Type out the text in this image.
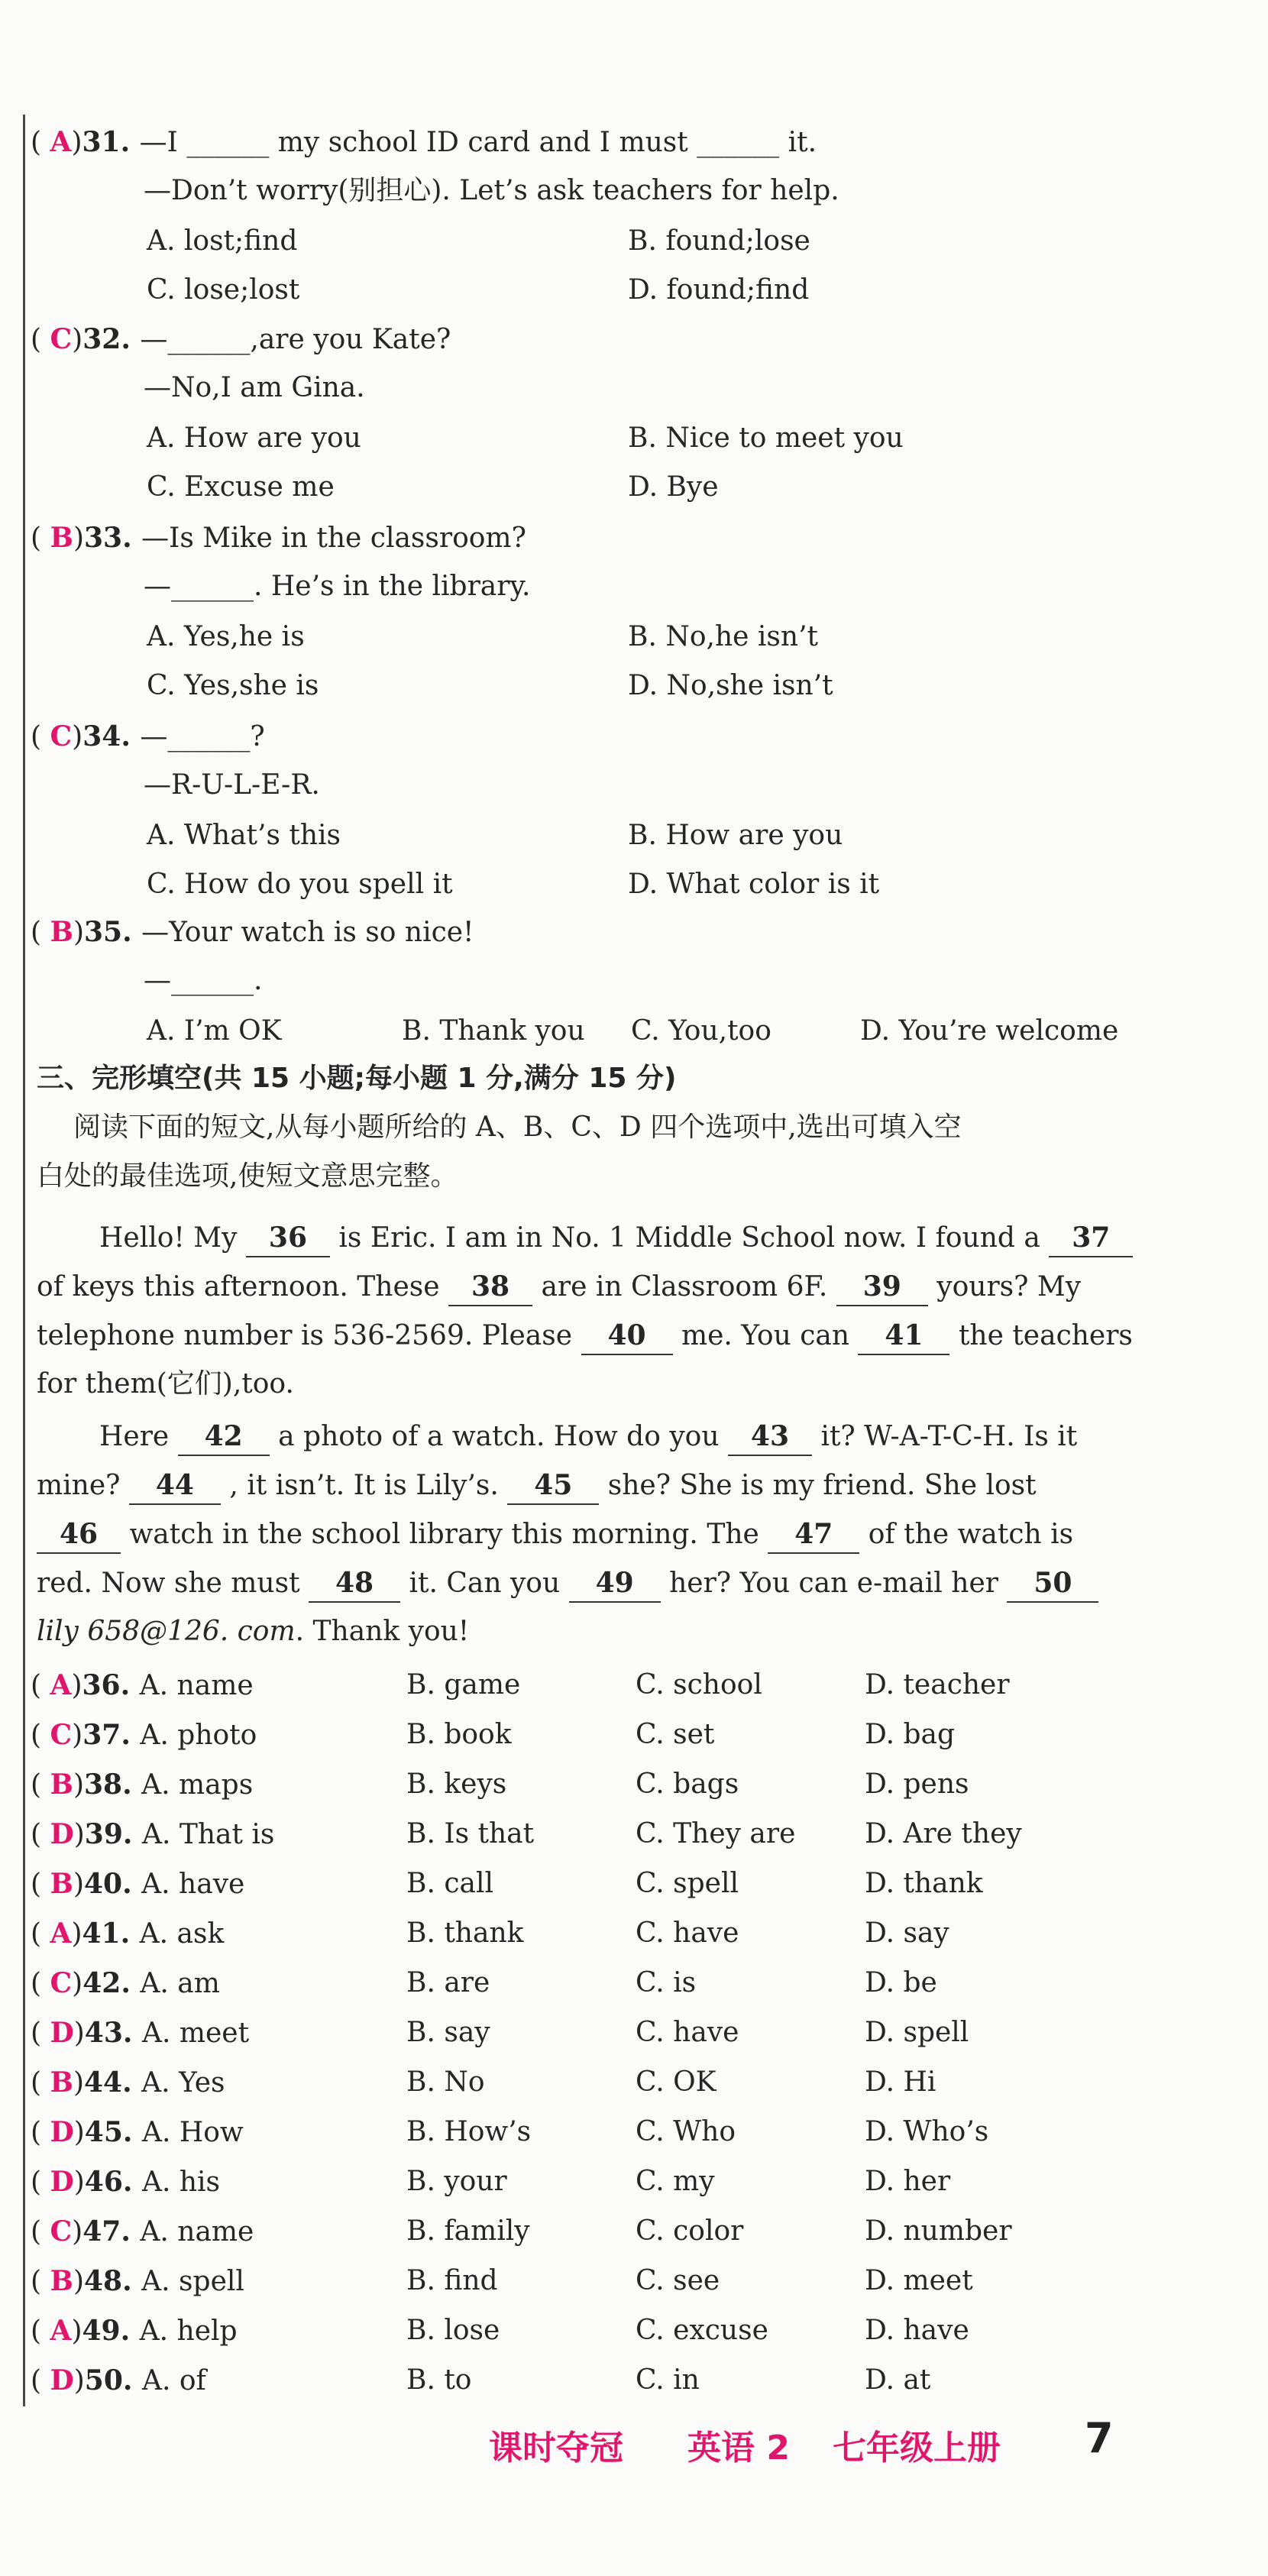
( A)31. —I ______ my school ID card and I must ______ it.
—Don’t worry(别担心). Let’s ask teachers for help.
A. lost;find	B. found;lose
C. lose;lost	D. found;find
( C)32. —______,are you Kate?
—No,I am Gina.
A. How are you	B. Nice to meet you
C. Excuse me	D. Bye
( B)33. —Is Mike in the classroom?
—______. He’s in the library.
A. Yes,he is	B. No,he isn’t
C. Yes,she is	D. No,she isn’t
( C)34. —______?
—R-U-L-E-R.
A. What’s this	B. How are you
C. How do you spell it	D. What color is it
( B)35. —Your watch is so nice!
—______.
A. I’m OK	B. Thank you C. You,too	D. You’re welcome
三、完形填空(共 15 小题;每小题 1 分,满分 15 分)
阅读下面的短文,从每小题所给的 A、B、C、D 四个选项中,选出可填入空
白处的最佳选项,使短文意思完整。
Hello! My 36 is Eric. I am in No. 1 Middle School now. I found a 37
of keys this afternoon. These 38 are in Classroom 6F. 39 yours? My
telephone number is 536-2569. Please 40 me. You can 41 the teachers
for them(它们),too.
Here 42 a photo of a watch. How do you 43 it? W-A-T-C-H. Is it
mine? 44 , it isn’t. It is Lily’s. 45 she? She is my friend. She lost
46 watch in the school library this morning. The 47 of the watch is
red. Now she must 48 it. Can you 49 her? You can e-mail her 50
lily 658@126. com. Thank you!
( A)36. A. name	B. game	C. school	D. teacher
( C)37. A. photo	B. book	C. set	D. bag
( B)38. A. maps	B. keys	C. bags	D. pens
( D)39. A. That is	B. Is that	C. They are	D. Are they
( B)40. A. have	B. call	C. spell	D. thank
( A)41. A. ask	B. thank	C. have	D. say
( C)42. A. am	B. are	C. is	D. be
( D)43. A. meet	B. say	C. have	D. spell
( B)44. A. Yes	B. No	C. OK	D. Hi
( D)45. A. How	B. How’s	C. Who	D. Who’s
( D)46. A. his	B. your	C. my	D. her
( C)47. A. name	B. family	C. color	D. number
( B)48. A. spell	B. find	C. see	D. meet
( A)49. A. help	B. lose	C. excuse	D. have
( D)50. A. of	B. to	C. in	D. at
课时夺冠 英语 2 七年级上册 7
